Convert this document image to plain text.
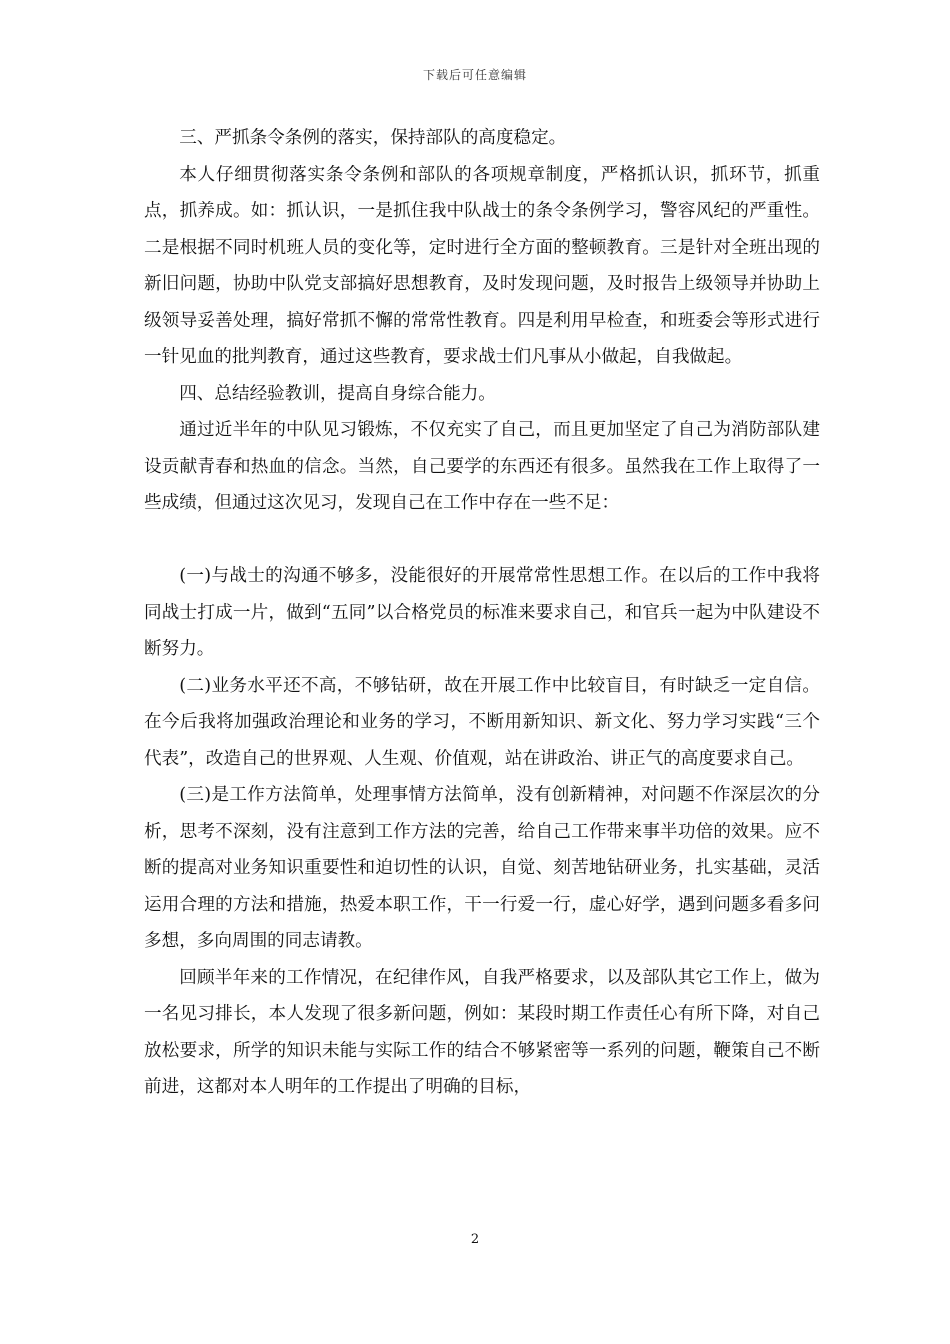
下载后可任意编辑

三、严抓条令条例的落实，保持部队的高度稳定。

本人仔细贯彻落实条令条例和部队的各项规章制度，严格抓认识，抓环节，抓重点，抓养成。如：抓认识，一是抓住我中队战士的条令条例学习，警容风纪的严重性。二是根据不同时机班人员的变化等，定时进行全方面的整顿教育。三是针对全班出现的新旧问题，协助中队党支部搞好思想教育，及时发现问题，及时报告上级领导并协助上级领导妥善处理，搞好常抓不懈的常常性教育。四是利用早检查，和班委会等形式进行一针见血的批判教育，通过这些教育，要求战士们凡事从小做起，自我做起。

四、总结经验教训，提高自身综合能力。

通过近半年的中队见习锻炼，不仅充实了自己，而且更加坚定了自己为消防部队建设贡献青春和热血的信念。当然，自己要学的东西还有很多。虽然我在工作上取得了一些成绩，但通过这次见习，发现自己在工作中存在一些不足：

(一)与战士的沟通不够多，没能很好的开展常常性思想工作。在以后的工作中我将同战士打成一片，做到“五同”以合格党员的标准来要求自己，和官兵一起为中队建设不断努力。

(二)业务水平还不高，不够钻研，故在开展工作中比较盲目，有时缺乏一定自信。在今后我将加强政治理论和业务的学习，不断用新知识、新文化、努力学习实践“三个代表”，改造自己的世界观、人生观、价值观，站在讲政治、讲正气的高度要求自己。

(三)是工作方法简单，处理事情方法简单，没有创新精神，对问题不作深层次的分析，思考不深刻，没有注意到工作方法的完善，给自己工作带来事半功倍的效果。应不断的提高对业务知识重要性和迫切性的认识，自觉、刻苦地钻研业务，扎实基础，灵活运用合理的方法和措施，热爱本职工作，干一行爱一行，虚心好学，遇到问题多看多问多想，多向周围的同志请教。

回顾半年来的工作情况，在纪律作风，自我严格要求，以及部队其它工作上，做为一名见习排长，本人发现了很多新问题，例如：某段时期工作责任心有所下降，对自己放松要求，所学的知识未能与实际工作的结合不够紧密等一系列的问题，鞭策自己不断前进，这都对本人明年的工作提出了明确的目标，

2
